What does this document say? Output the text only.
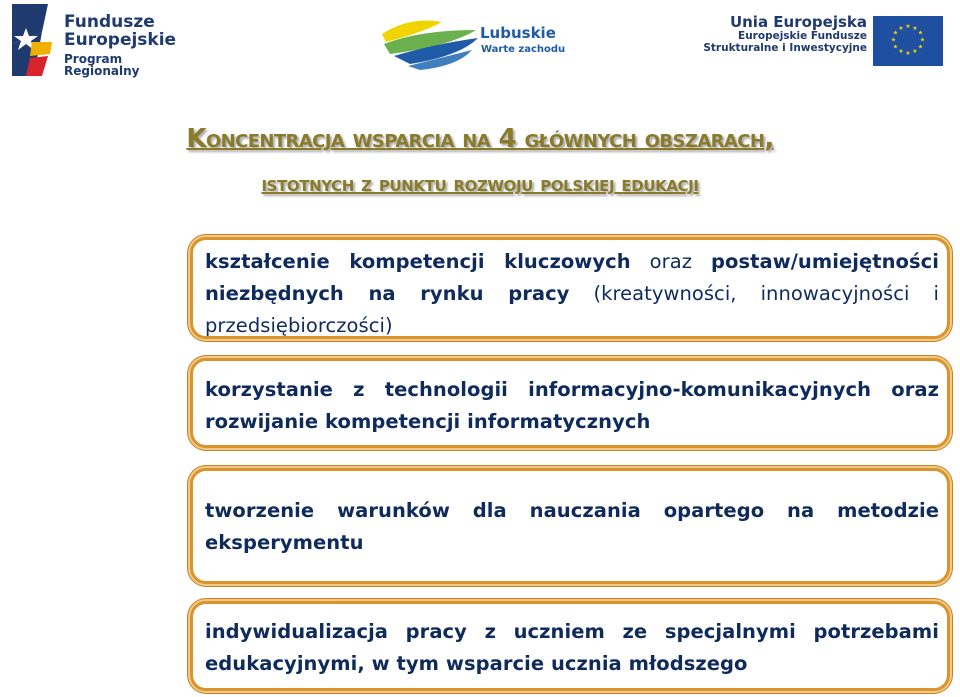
Fundusze
Europejskie
Program Regionalny
Lubuskie
Warte zachodu
Unia Europejska
Europejskie Fundusze
Strukturalne i Inwestycyjne
★ ★
★
★
★
★
★
★
★
★
★
★
Koncentracja wsparcia na 4 głównych obszarach,
istotnych z punktu rozwoju polskiej edukacji

kształcenie kompetencji kluczowych oraz postaw/umiejętności niezbędnych na rynku pracy (kreatywności, innowacyjności i przedsiębiorczości)

korzystanie z technologii informacyjno-komunikacyjnych oraz rozwijanie kompetencji informatycznych

tworzenie warunków dla nauczania opartego na metodzie eksperymentu

indywidualizacja pracy z uczniem ze specjalnymi potrzebami edukacyjnymi, w tym wsparcie ucznia młodszego
